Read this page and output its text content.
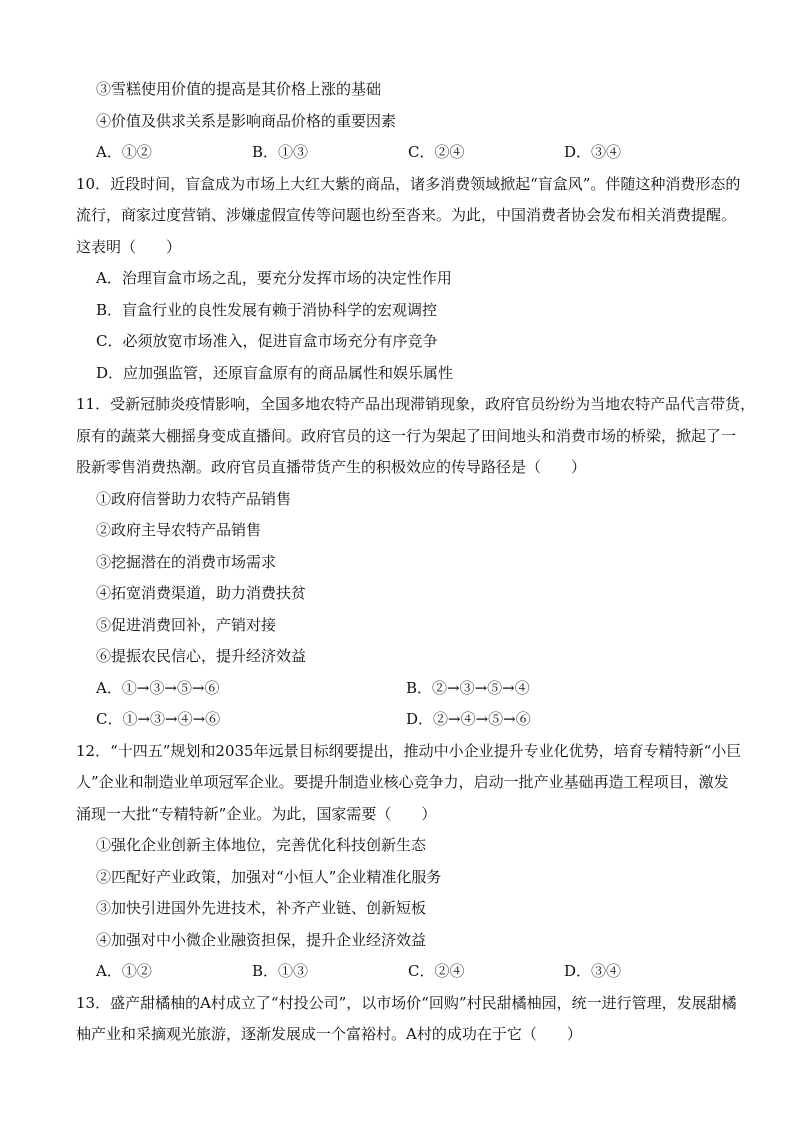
③雪糕使用价值的提高是其价格上涨的基础
④价值及供求关系是影响商品价格的重要因素
A．①②	B．①③	C．②④	D．③④
10．近段时间，盲盒成为市场上大红大紫的商品，诸多消费领域掀起“盲盒风”。伴随这种消费形态的
流行，商家过度营销、涉嫌虚假宣传等问题也纷至沓来。为此，中国消费者协会发布相关消费提醒。
这表明（　　）
A．治理盲盒市场之乱，要充分发挥市场的决定性作用
B．盲盒行业的良性发展有赖于消协科学的宏观调控
C．必须放宽市场准入，促进盲盒市场充分有序竞争
D．应加强监管，还原盲盒原有的商品属性和娱乐属性
11．受新冠肺炎疫情影响，全国多地农特产品出现滞销现象，政府官员纷纷为当地农特产品代言带货，
原有的蔬菜大棚摇身变成直播间。政府官员的这一行为架起了田间地头和消费市场的桥梁，掀起了一
股新零售消费热潮。政府官员直播带货产生的积极效应的传导路径是（　　）
①政府信誉助力农特产品销售
②政府主导农特产品销售
③挖掘潜在的消费市场需求
④拓宽消费渠道，助力消费扶贫
⑤促进消费回补，产销对接
⑥提振农民信心，提升经济效益
A．①→③→⑤→⑥	B．②→③→⑤→④
C．①→③→④→⑥	D．②→④→⑤→⑥
12．“十四五”规划和2035年远景目标纲要提出，推动中小企业提升专业化优势，培育专精特新“小巨
人”企业和制造业单项冠军企业。要提升制造业核心竞争力，启动一批产业基础再造工程项目，激发
涌现一大批“专精特新”企业。为此，国家需要（　　）
①强化企业创新主体地位，完善优化科技创新生态
②匹配好产业政策，加强对“小恒人”企业精准化服务
③加快引进国外先进技术，补齐产业链、创新短板
④加强对中小微企业融资担保，提升企业经济效益
A．①②	B．①③	C．②④	D．③④
13．盛产甜橘柚的A村成立了“村投公司”，以市场价“回购”村民甜橘柚园，统一进行管理，发展甜橘
柚产业和采摘观光旅游，逐渐发展成一个富裕村。A村的成功在于它（　　）
